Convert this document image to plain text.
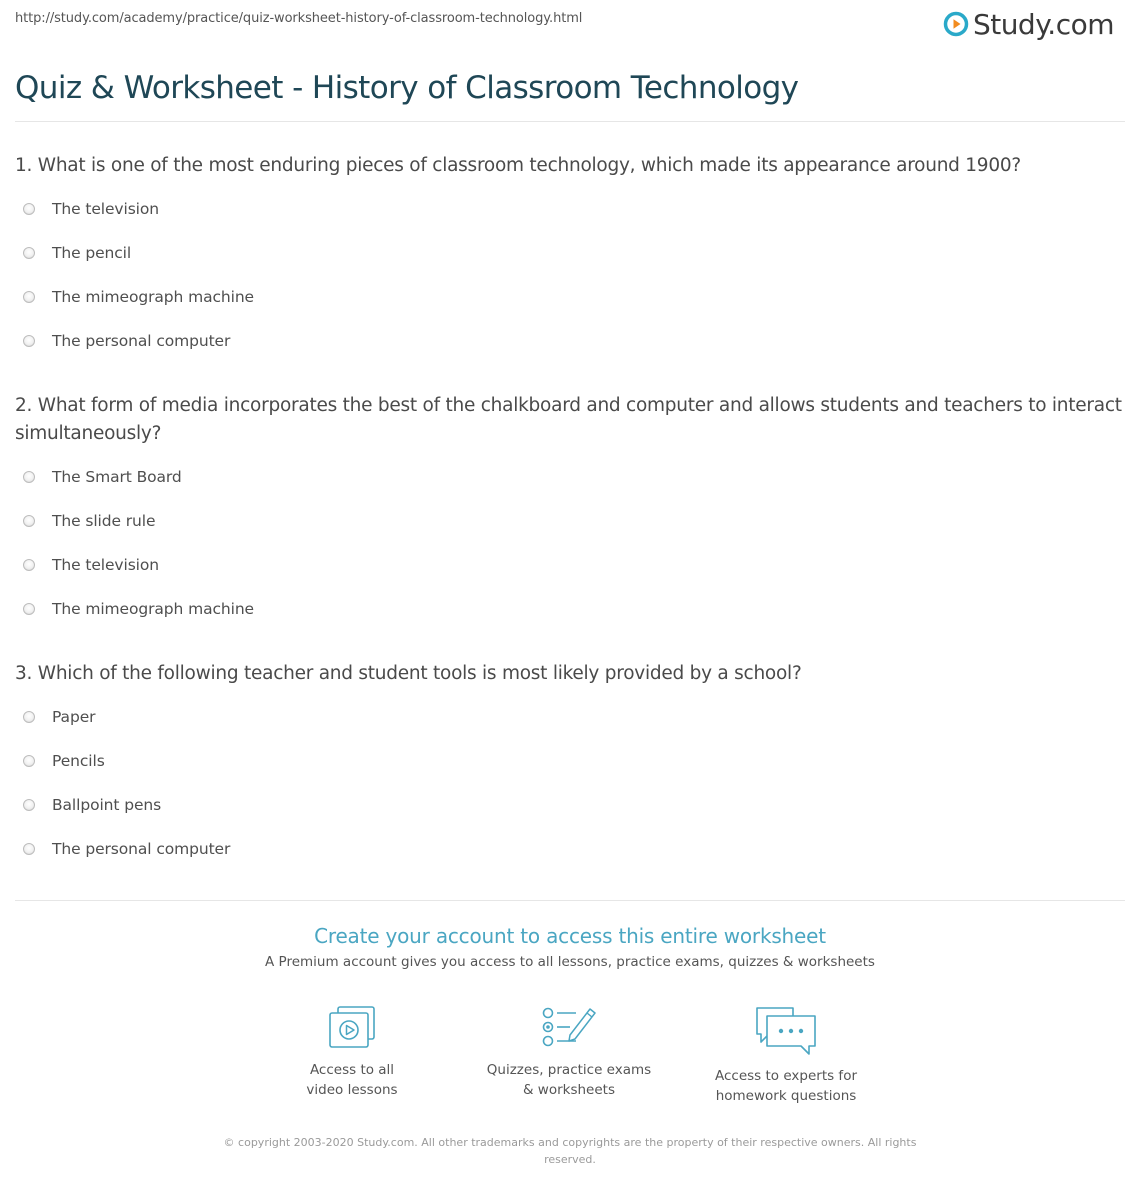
http://study.com/academy/practice/quiz-worksheet-history-of-classroom-technology.html	Study.com
Quiz & Worksheet - History of Classroom Technology
1. What is one of the most enduring pieces of classroom technology, which made its appearance around 1900?
The television
The pencil
The mimeograph machine
The personal computer
2. What form of media incorporates the best of the chalkboard and computer and allows students and teachers to interact simultaneously?
The Smart Board
The slide rule
The television
The mimeograph machine
3. Which of the following teacher and student tools is most likely provided by a school?
Paper
Pencils
Ballpoint pens
The personal computer
Create your account to access this entire worksheet
A Premium account gives you access to all lessons, practice exams, quizzes & worksheets
Access to all
video lessons
Quizzes, practice exams
& worksheets
Access to experts for
homework questions
© copyright 2003-2020 Study.com. All other trademarks and copyrights are the property of their respective owners. All rights reserved.
